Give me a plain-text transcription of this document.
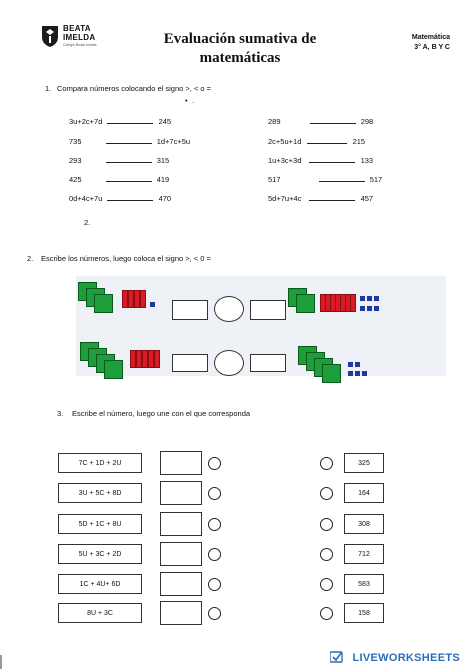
BEATA
IMELDA
Colegio Beata Imelda	Evaluación sumativa de matemáticas
Matemática
3° A, B Y C
1. Compara números colocando el signo >, < o =
• .
3u+2c+7d	245
735	1d+7c+5u
293	315
425	419
0d+4c+7u	470
289	298
2c+5u+1d	215
1u+3c+3d	133
517	517
5d+7u+4c	457
2.
2. Escribe los números, luego coloca el signo >, < 0 =
3. Escribe el número, luego une con el que corresponda
7C + 1D + 2U	325
3U + 5C + 8D	164
5D + 1C + 8U	308
5U + 3C + 2D	712
1C + 4U+ 6D	583
8U + 3C	158
LIVEWORKSHEETS
